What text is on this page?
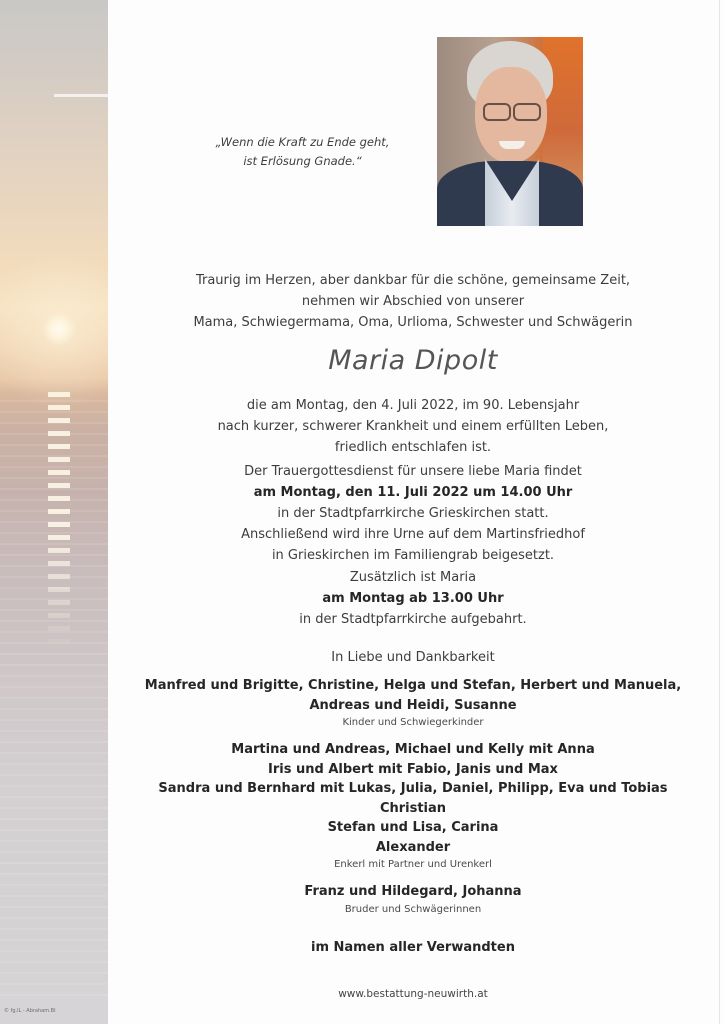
© fg.lL - Abraham.BI
„Wenn die Kraft zu Ende geht,
ist Erlösung Gnade.“

Traurig im Herzen, aber dankbar für die schöne, gemeinsame Zeit,

nehmen wir Abschied von unserer

Mama, Schwiegermama, Oma, Urlioma, Schwester und Schwägerin

Maria Dipolt

die am Montag, den 4. Juli 2022, im 90. Lebensjahr

nach kurzer, schwerer Krankheit und einem erfüllten Leben,

friedlich entschlafen ist.

Der Trauergottesdienst für unsere liebe Maria findet

am Montag, den 11. Juli 2022 um 14.00 Uhr

in der Stadtpfarrkirche Grieskirchen statt.

Anschließend wird ihre Urne auf dem Martinsfriedhof

in Grieskirchen im Familiengrab beigesetzt.

Zusätzlich ist Maria

am Montag ab 13.00 Uhr

in der Stadtpfarrkirche aufgebahrt.

In Liebe und Dankbarkeit

Manfred und Brigitte, Christine, Helga und Stefan, Herbert und Manuela,

Andreas und Heidi, Susanne

Kinder und Schwiegerkinder

Martina und Andreas, Michael und Kelly mit Anna

Iris und Albert mit Fabio, Janis und Max

Sandra und Bernhard mit Lukas, Julia, Daniel, Philipp, Eva und Tobias

Christian

Stefan und Lisa, Carina

Alexander

Enkerl mit Partner und Urenkerl

Franz und Hildegard, Johanna

Bruder und Schwägerinnen

im Namen aller Verwandten

www.bestattung-neuwirth.at
